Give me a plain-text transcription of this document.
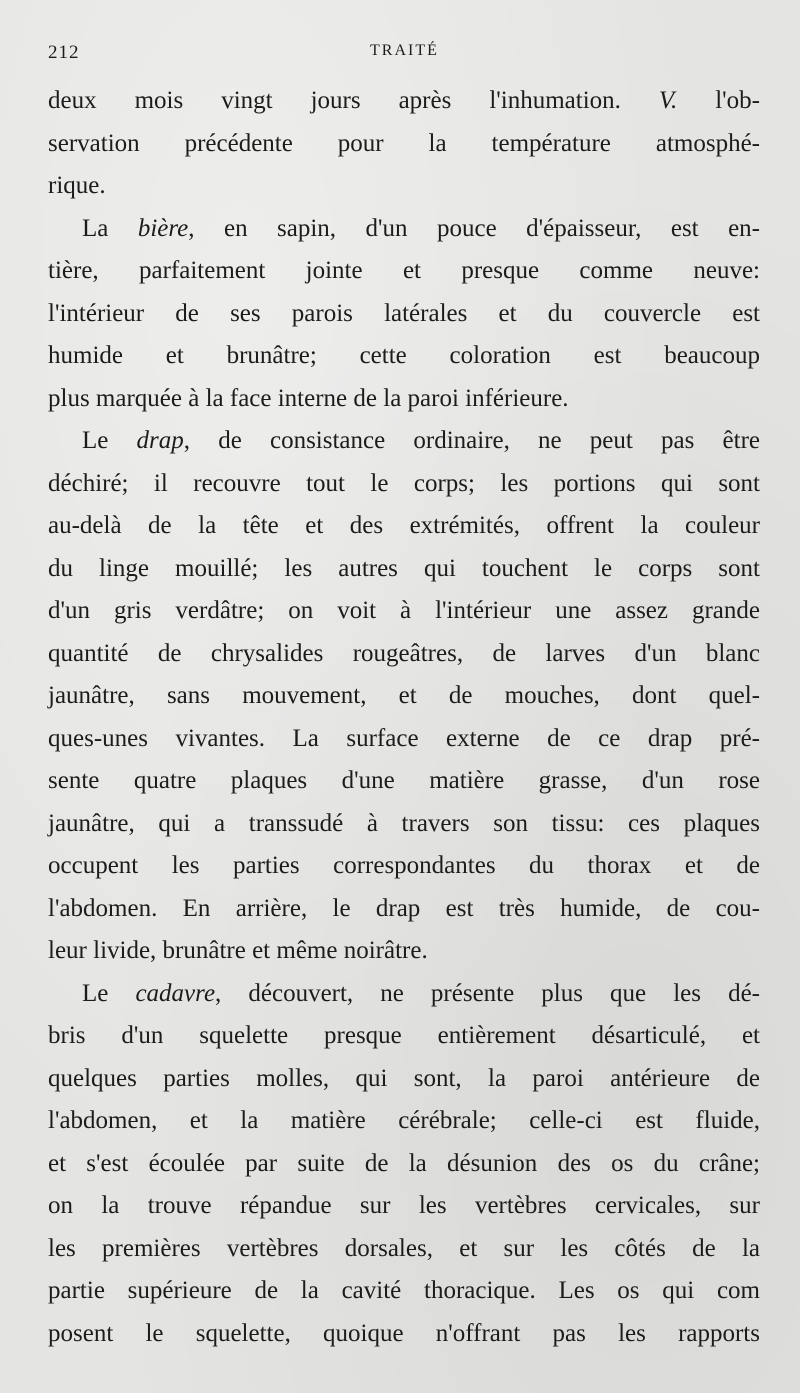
212	TRAITÉ
deux mois vingt jours après l'inhumation. V. l'ob-
servation précédente pour la température atmosphé-
rique.
La bière, en sapin, d'un pouce d'épaisseur, est en-
tière, parfaitement jointe et presque comme neuve:
l'intérieur de ses parois latérales et du couvercle est
humide et brunâtre; cette coloration est beaucoup
plus marquée à la face interne de la paroi inférieure.
Le drap, de consistance ordinaire, ne peut pas être
déchiré; il recouvre tout le corps; les portions qui sont
au-delà de la tête et des extrémités, offrent la couleur
du linge mouillé; les autres qui touchent le corps sont
d'un gris verdâtre; on voit à l'intérieur une assez grande
quantité de chrysalides rougeâtres, de larves d'un blanc
jaunâtre, sans mouvement, et de mouches, dont quel-
ques-unes vivantes. La surface externe de ce drap pré-
sente quatre plaques d'une matière grasse, d'un rose
jaunâtre, qui a transsudé à travers son tissu: ces plaques
occupent les parties correspondantes du thorax et de
l'abdomen. En arrière, le drap est très humide, de cou-
leur livide, brunâtre et même noirâtre.
Le cadavre, découvert, ne présente plus que les dé-
bris d'un squelette presque entièrement désarticulé, et
quelques parties molles, qui sont, la paroi antérieure de
l'abdomen, et la matière cérébrale; celle-ci est fluide,
et s'est écoulée par suite de la désunion des os du crâne;
on la trouve répandue sur les vertèbres cervicales, sur
les premières vertèbres dorsales, et sur les côtés de la
partie supérieure de la cavité thoracique. Les os qui com
posent le squelette, quoique n'offrant pas les rapports
